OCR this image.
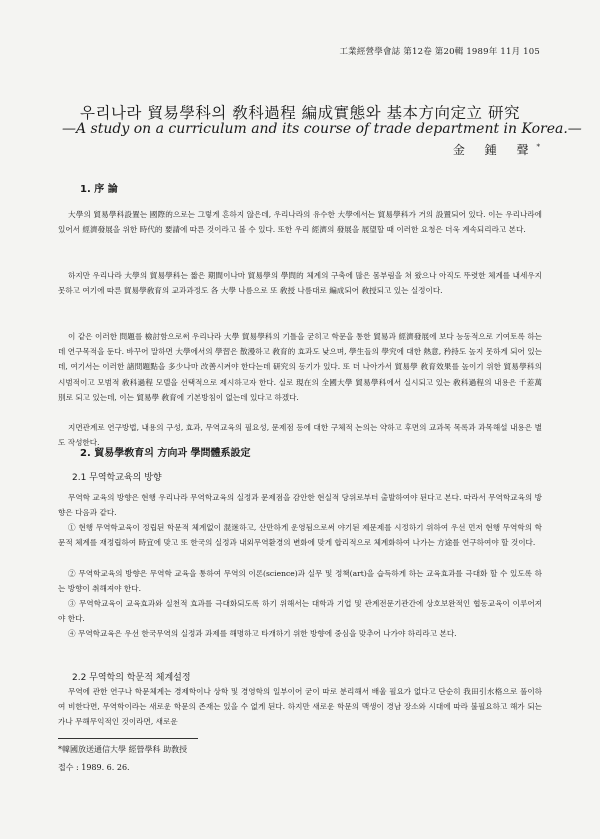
工業經營學會誌 第12卷 第20輯 1989年 11月 105
우리나라 貿易學科의 敎科過程 編成實態와 基本方向定立 研究
—A study on a curriculum and its course of trade department in Korea.—
金 鍾 聲*
1. 序 論

大學의 貿易學科設置는 國際的으로는 그렇게 흔하지 않은데, 우리나라의 유수한 大學에서는 貿易學科가 거의 設置되어 있다. 이는 우리나라에 있어서 經濟發展을 위한 時代的 要請에 따른 것이라고 볼 수 있다. 또한 우리 經濟의 發展을 展望할 때 이러한 요청은 더욱 계속되리라고 본다.

하지만 우리나라 大學의 貿易學科는 짧은 期間이나마 貿易學의 學問的 체계의 구축에 많은 몸부림을 쳐 왔으나 아직도 뚜렷한 체계를 내세우지 못하고 여기에 따른 貿易學敎育의 교과과정도 各 大學 나름으로 또 敎授 나름대로 編成되어 敎授되고 있는 실정이다.

이 같은 이러한 問題를 檢討함으로써 우리나라 大學 貿易學科의 기틀을 굳히고 학문을 통한 貿易과 經濟發展에 보다 능동적으로 기여토록 하는데 연구목적을 둔다. 바꾸어 말하면 大學에서의 學習은 散漫하고 敎育的 효과도 낮으며, 學生들의 學究에 대한 熱意, 矜持도 높지 못하게 되어 있는데, 여기서는 이러한 諸問題點을 多少나마 改善시켜야 한다는데 研究의 동기가 있다. 또 더 나아가서 貿易學 敎育效果를 높이기 위한 貿易學科의 시범적이고 모범적 敎科過程 모델을 선택적으로 제시하고자 한다. 실로 現在의 全國大學 貿易學科에서 실시되고 있는 敎科過程의 내용은 千差萬別로 되고 있는데, 이는 貿易學 敎育에 기본방침이 없는데 있다고 하겠다.

지면관계로 연구방법, 내용의 구성, 효과, 무역교육의 필요성, 문제점 등에 대한 구체적 논의는 약하고 후면의 교과목 목록과 과목해설 내용은 별도 작성한다.

2. 貿易學敎育의 方向과 學問體系設定
2.1 무역학교육의 방향

무역학 교육의 방향은 현행 우리나라 무역학교육의 실정과 문제점을 감안한 현실적 당위로부터 출발하여야 된다고 본다. 따라서 무역학교육의 방향은 다음과 같다.

① 현행 무역학교육이 정립된 학문적 체계없이 混迷하고, 산만하게 운영됨으로써 야기된 제문제를 시정하기 위하여 우선 먼저 현행 무역학의 학문적 체계를 재정립하여 時宜에 맞고 또 한국의 실정과 내외무역환경의 변화에 맞게 합리적으로 체계화하여 나가는 方途를 연구하여야 할 것이다.

② 무역학교육의 방향은 무역학 교육을 통하여 무역의 이론(science)과 실무 및 정책(art)을 습득하게 하는 교육효과를 극대화 할 수 있도록 하는 방향이 취해져야 한다.

③ 무역학교육이 교육효과와 실천적 효과를 극대화되도록 하기 위해서는 대학과 기업 및 관계전문기관간에 상호보완적인 협동교육이 이루어져야 한다.

④ 무역학교육은 우선 한국무역의 실정과 과제를 해명하고 타개하기 위한 방향에 중심을 맞추어 나가야 하리라고 본다.

2.2 무역학의 학문적 체계설정

무역에 관한 연구나 학문체계는 경제학이나 상학 및 경영학의 일부이어 굳이 따로 분리해서 배울 필요가 없다고 단순히 我田引水格으로 풀이하여 비한다면, 무역학이라는 새로운 학문의 존재는 있을 수 없게 된다. 하지만 새로운 학문의 맥생이 경남 장소와 시대에 따라 불필요하고 해가 되는가나 무해무익적인 것이라면, 새로운

*韓國放送通信大學 經營學科 助敎授
접수 : 1989. 6. 26.
